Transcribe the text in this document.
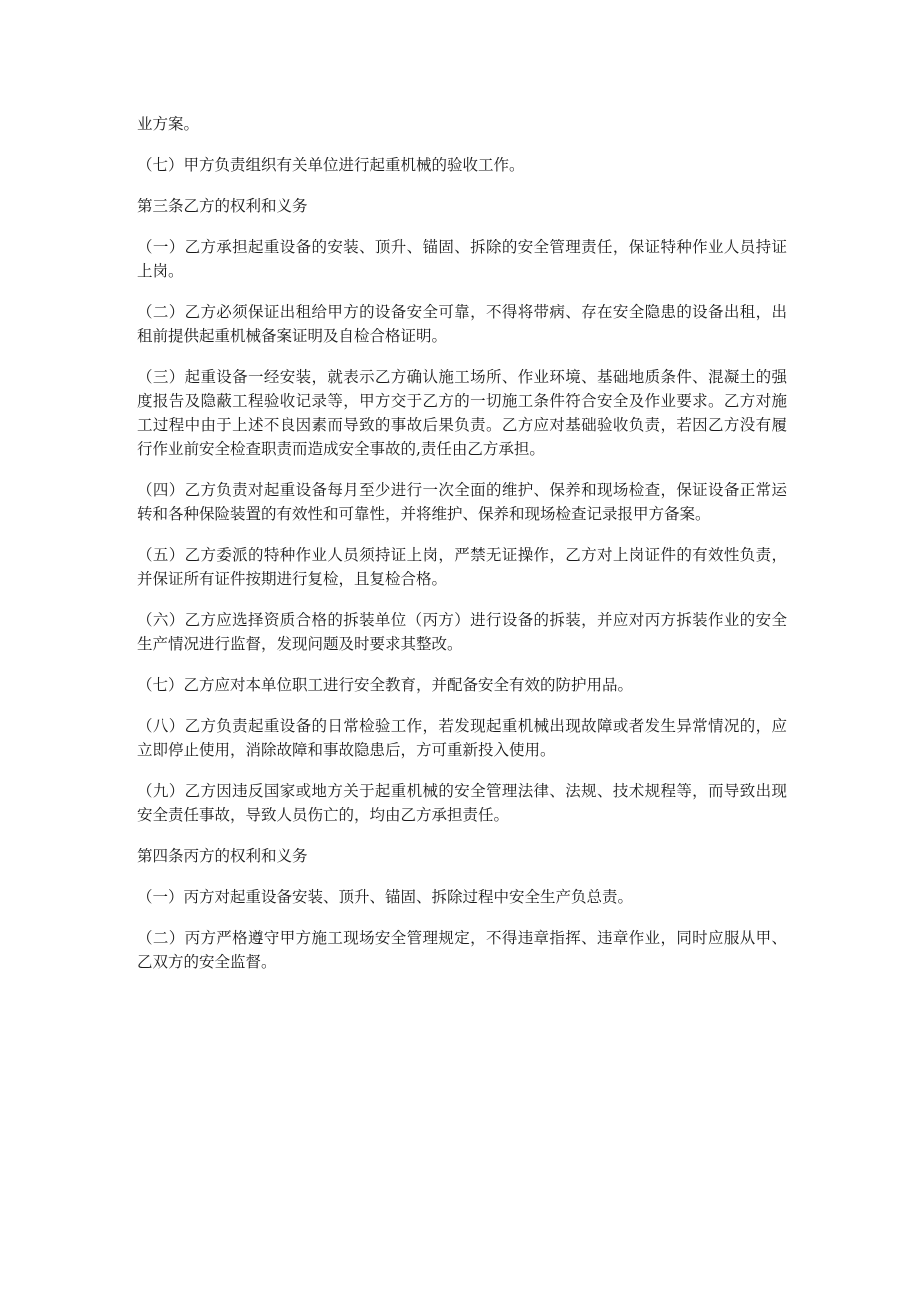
业方案。

（七）甲方负责组织有关单位进行起重机械的验收工作。

第三条乙方的权利和义务

（一）乙方承担起重设备的安装、顶升、锚固、拆除的安全管理责任，保证特种作业人员持证上岗。

（二）乙方必须保证出租给甲方的设备安全可靠，不得将带病、存在安全隐患的设备出租，出租前提供起重机械备案证明及自检合格证明。

（三）起重设备一经安装，就表示乙方确认施工场所、作业环境、基础地质条件、混凝土的强度报告及隐蔽工程验收记录等，甲方交于乙方的一切施工条件符合安全及作业要求。乙方对施工过程中由于上述不良因素而导致的事故后果负责。乙方应对基础验收负责，若因乙方没有履行作业前安全检查职责而造成安全事故的,责任由乙方承担。

（四）乙方负责对起重设备每月至少进行一次全面的维护、保养和现场检查，保证设备正常运转和各种保险装置的有效性和可靠性，并将维护、保养和现场检查记录报甲方备案。

（五）乙方委派的特种作业人员须持证上岗，严禁无证操作，乙方对上岗证件的有效性负责，并保证所有证件按期进行复检，且复检合格。

（六）乙方应选择资质合格的拆装单位（丙方）进行设备的拆装，并应对丙方拆装作业的安全生产情况进行监督，发现问题及时要求其整改。

（七）乙方应对本单位职工进行安全教育，并配备安全有效的防护用品。

（八）乙方负责起重设备的日常检验工作，若发现起重机械出现故障或者发生异常情况的，应立即停止使用，消除故障和事故隐患后，方可重新投入使用。

（九）乙方因违反国家或地方关于起重机械的安全管理法律、法规、技术规程等，而导致出现安全责任事故，导致人员伤亡的，均由乙方承担责任。

第四条丙方的权利和义务

（一）丙方对起重设备安装、顶升、锚固、拆除过程中安全生产负总责。

（二）丙方严格遵守甲方施工现场安全管理规定，不得违章指挥、违章作业，同时应服从甲、乙双方的安全监督。
